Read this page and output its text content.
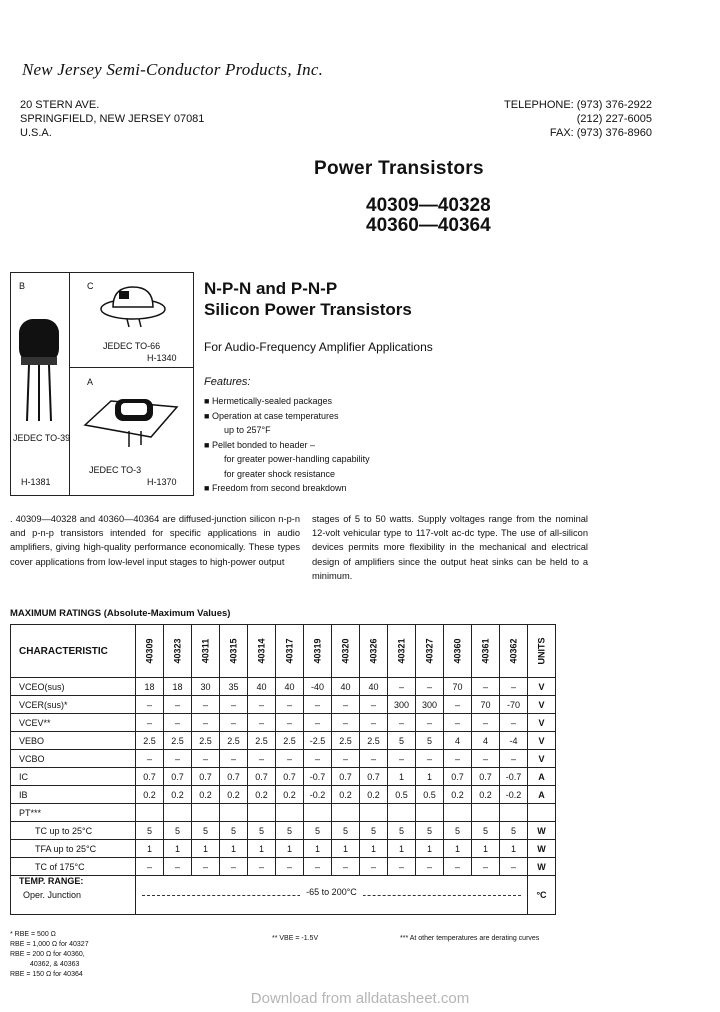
New Jersey Semi-Conductor Products, Inc.
20 STERN AVE.
SPRINGFIELD, NEW JERSEY 07081
U.S.A.
TELEPHONE: (973) 376-2922
(212) 227-6005
FAX: (973) 376-8960
Power Transistors
40309—40328
40360—40364
B	C
A
JEDEC TO-39
H-1381
JEDEC TO-66
H-1340
JEDEC TO-3
H-1370
N-P-N and P-N-P
Silicon Power Transistors
For Audio-Frequency Amplifier Applications
Features:
■ Hermetically-sealed packages
■ Operation at case temperatures
up to 257°F
■ Pellet bonded to header –
for greater power-handling capability
for greater shock resistance
■ Freedom from second breakdown
. 40309—40328 and 40360—40364 are diffused-junction silicon n-p-n and p-n-p transistors intended for specific applications in audio amplifiers, giving high-quality performance economically. These types cover applications from low-level input stages to high-power output
stages of 5 to 50 watts. Supply voltages range from the nominal 12-volt vehicular type to 117-volt ac-dc type. The use of all-silicon devices permits more flexibility in the mechanical and electrical design of amplifiers since the output heat sinks can be held to a minimum.
MAXIMUM RATINGS (Absolute-Maximum Values)
CHARACTERISTIC	40309	40323	40311	40315	40314	40317	40319	40320	40326	40321	40327	40360	40361	40362	UNITS
VCEO(sus)	18	18	30	35	40	40	-40	40	40	–	–	70	–	–	V
VCER(sus)*	–	–	–	–	–	–	–	–	–	300	300	–	70	-70	V
VCEV**	–	–	–	–	–	–	–	–	–	–	–	–	–	–	V
VEBO	2.5	2.5	2.5	2.5	2.5	2.5	-2.5	2.5	2.5	5	5	4	4	-4	V
VCBO	–	–	–	–	–	–	–	–	–	–	–	–	–	–	V
IC	0.7	0.7	0.7	0.7	0.7	0.7	-0.7	0.7	0.7	1	1	0.7	0.7	-0.7	A
IB	0.2	0.2	0.2	0.2	0.2	0.2	-0.2	0.2	0.2	0.5	0.5	0.2	0.2	-0.2	A
PT***															
TC up to 25°C	5	5	5	5	5	5	5	5	5	5	5	5	5	5	W
TFA up to 25°C	1	1	1	1	1	1	1	1	1	1	1	1	1	1	W
TC of 175°C	–	–	–	–	–	–	–	–	–	–	–	–	–	–	W

TEMP. RANGE:
Oper. Junction	-65 to 200°C														°C
* RBE = 500 Ω
RBE = 1,000 Ω for 40327
RBE = 200 Ω for 40360,
40362, & 40363
RBE = 150 Ω for 40364
** VBE = -1.5V	*** At other temperatures are derating curves
Download from alldatasheet.com
